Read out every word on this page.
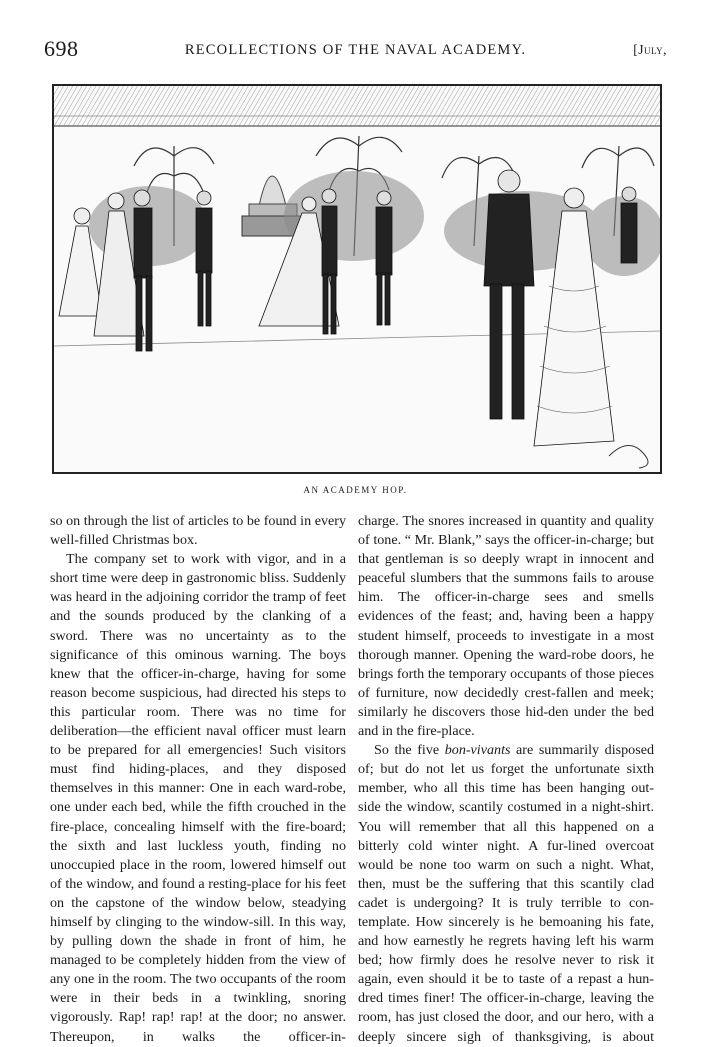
698	RECOLLECTIONS OF THE NAVAL ACADEMY.	[July,
AN ACADEMY HOP.

so on through the list of articles to be found in every well-filled Christmas box.

The company set to work with vigor, and in a short time were deep in gastronomic bliss. Suddenly was heard in the adjoining corridor the tramp of feet and the sounds produced by the clanking of a sword. There was no uncertainty as to the significance of this ominous warning. The boys knew that the officer-in-charge, having for some reason become suspicious, had directed his steps to this particular room. There was no time for deliberation—the efficient naval officer must learn to be prepared for all emergencies! Such visitors must find hiding-places, and they disposed themselves in this manner: One in each ward-robe, one under each bed, while the fifth crouched in the fire-place, concealing himself with the fire-board; the sixth and last luckless youth, finding no unoccupied place in the room, lowered himself out of the window, and found a resting-place for his feet on the capstone of the window below, steadying himself by clinging to the window-sill. In this way, by pulling down the shade in front of him, he managed to be completely hidden from the view of any one in the room. The two occupants of the room were in their beds in a twinkling, snoring vigorously. Rap! rap! rap! at the door; no answer. Thereupon, in walks the officer-in-

charge. The snores increased in quantity and quality of tone. “ Mr. Blank,” says the officer-in-charge; but that gentleman is so deeply wrapt in innocent and peaceful slumbers that the summons fails to arouse him. The officer-in-charge sees and smells evidences of the feast; and, having been a happy student himself, proceeds to investigate in a most thorough manner. Opening the ward-robe doors, he brings forth the temporary occupants of those pieces of furniture, now decidedly crest-fallen and meek; similarly he discovers those hid-den under the bed and in the fire-place.

So the five bon-vivants are summarily disposed of; but do not let us forget the unfortunate sixth member, who all this time has been hanging out-side the window, scantily costumed in a night-shirt. You will remember that all this happened on a bitterly cold winter night. A fur-lined overcoat would be none too warm on such a night. What, then, must be the suffering that this scantily clad cadet is undergoing? It is truly terrible to con-template. How sincerely is he bemoaning his fate, and how earnestly he regrets having left his warm bed; how firmly does he resolve never to risk it again, even should it be to taste of a repast a hun-dred times finer! The officer-in-charge, leaving the room, has just closed the door, and our hero, with a deeply sincere sigh of thanksgiving, is about
